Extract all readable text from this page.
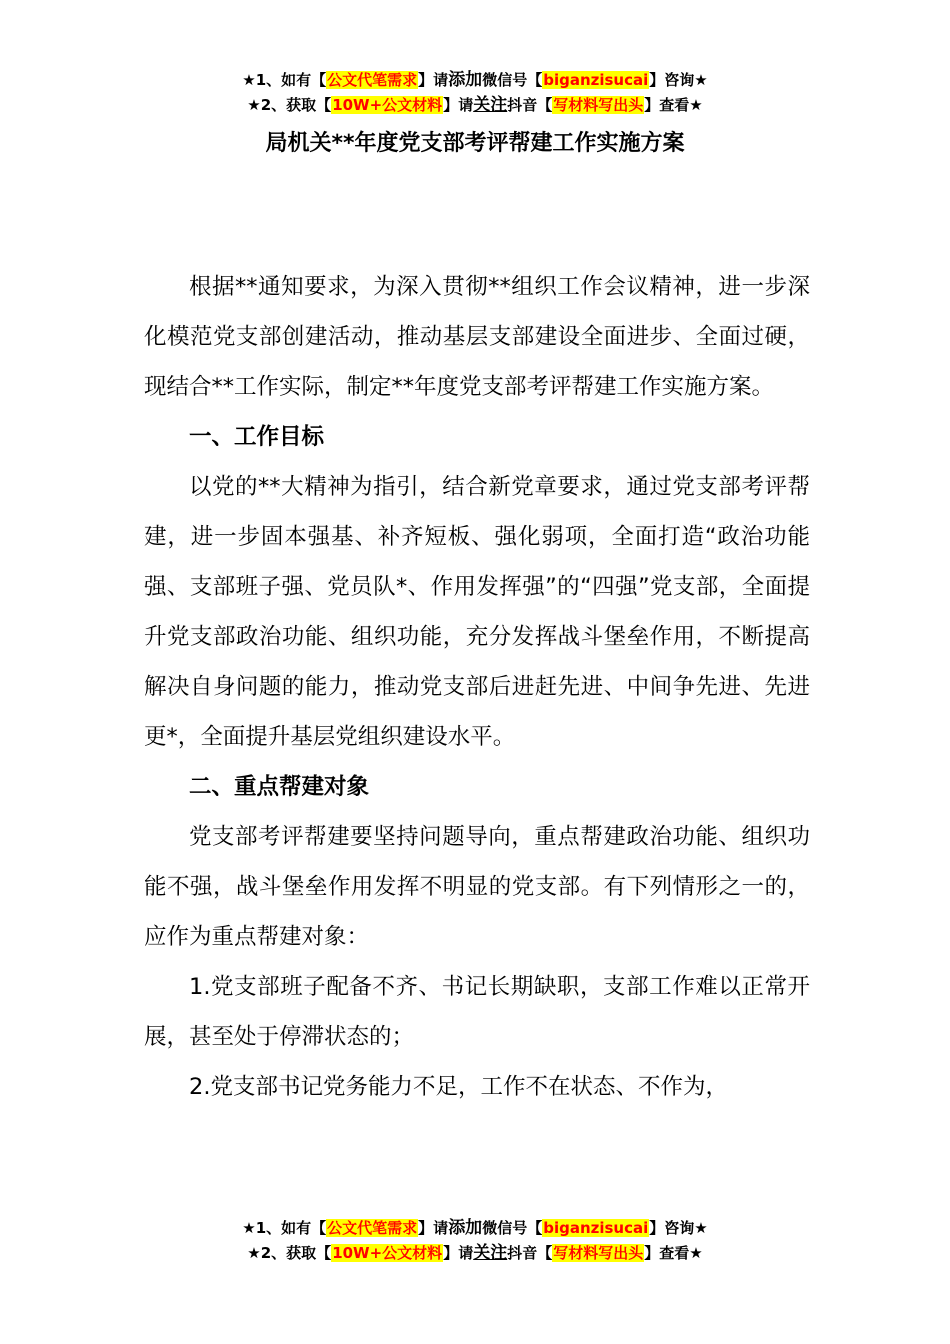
★1、如有【公文代笔需求】请添加微信号【biganzisucai】咨询★
★2、获取【10W+公文材料】请关注抖音【写材料写出头】查看★
局机关**年度党支部考评帮建工作实施方案

根据**通知要求，为深入贯彻**组织工作会议精神，进一步深化模范党支部创建活动，推动基层支部建设全面进步、全面过硬，现结合**工作实际，制定**年度党支部考评帮建工作实施方案。

一、工作目标

以党的**大精神为指引，结合新党章要求，通过党支部考评帮建，进一步固本强基、补齐短板、强化弱项，全面打造“政治功能强、支部班子强、党员队*、作用发挥强”的“四强”党支部，全面提升党支部政治功能、组织功能，充分发挥战斗堡垒作用，不断提高解决自身问题的能力，推动党支部后进赶先进、中间争先进、先进更*，全面提升基层党组织建设水平。

二、重点帮建对象

党支部考评帮建要坚持问题导向，重点帮建政治功能、组织功能不强，战斗堡垒作用发挥不明显的党支部。有下列情形之一的，应作为重点帮建对象：

1.党支部班子配备不齐、书记长期缺职，支部工作难以正常开展，甚至处于停滞状态的；

2.党支部书记党务能力不足，工作不在状态、不作为，

★1、如有【公文代笔需求】请添加微信号【biganzisucai】咨询★
★2、获取【10W+公文材料】请关注抖音【写材料写出头】查看★
